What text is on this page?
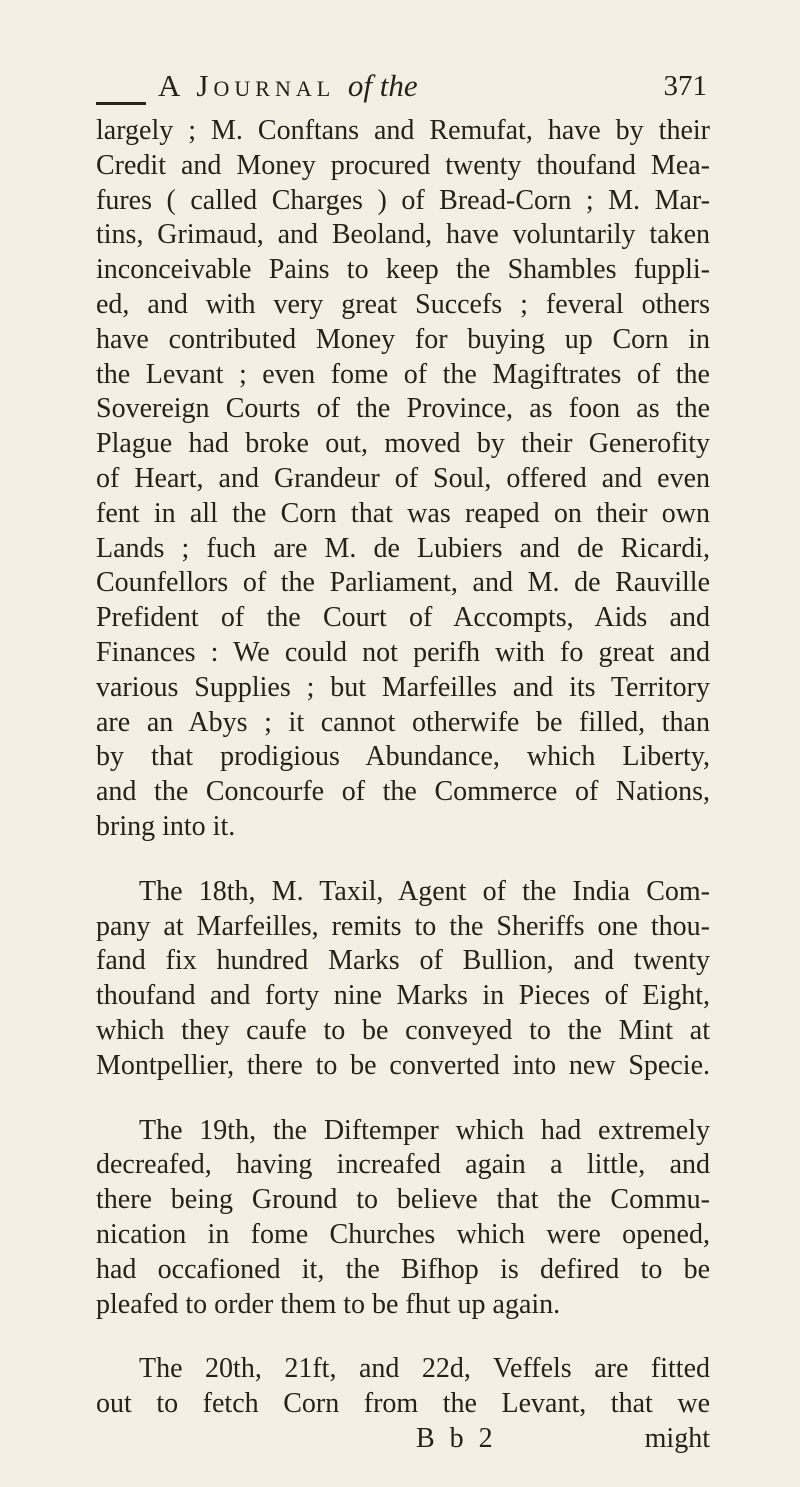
A Journal of the	371
largely ; M. Conftans and Remufat, have by their
Credit and Money procured twenty thoufand Mea-
fures ( called Charges ) of Bread-Corn ; M. Mar-
tins, Grimaud, and Beoland, have voluntarily taken
inconceivable Pains to keep the Shambles fuppli-
ed, and with very great Succefs ; feveral others
have contributed Money for buying up Corn in
the Levant ; even fome of the Magiftrates of the
Sovereign Courts of the Province, as foon as the
Plague had broke out, moved by their Generofity
of Heart, and Grandeur of Soul, offered and even
fent in all the Corn that was reaped on their own
Lands ; fuch are M. de Lubiers and de Ricardi,
Counfellors of the Parliament, and M. de Rauville
Prefident of the Court of Accompts, Aids and
Finances : We could not perifh with fo great and
various Supplies ; but Marfeilles and its Territory
are an Abys ; it cannot otherwife be filled, than
by that prodigious Abundance, which Liberty,
and the Concourfe of the Commerce of Nations,
bring into it.
The 18th, M. Taxil, Agent of the India Com-
pany at Marfeilles, remits to the Sheriffs one thou-
fand fix hundred Marks of Bullion, and twenty
thoufand and forty nine Marks in Pieces of Eight,
which they caufe to be conveyed to the Mint at
Montpellier, there to be converted into new Specie.
The 19th, the Diftemper which had extremely
decreafed, having increafed again a little, and
there being Ground to believe that the Commu-
nication in fome Churches which were opened,
had occafioned it, the Bifhop is defired to be
pleafed to order them to be fhut up again.
The 20th, 21ft, and 22d, Veffels are fitted
out to fetch Corn from the Levant, that we
B b 2	might
